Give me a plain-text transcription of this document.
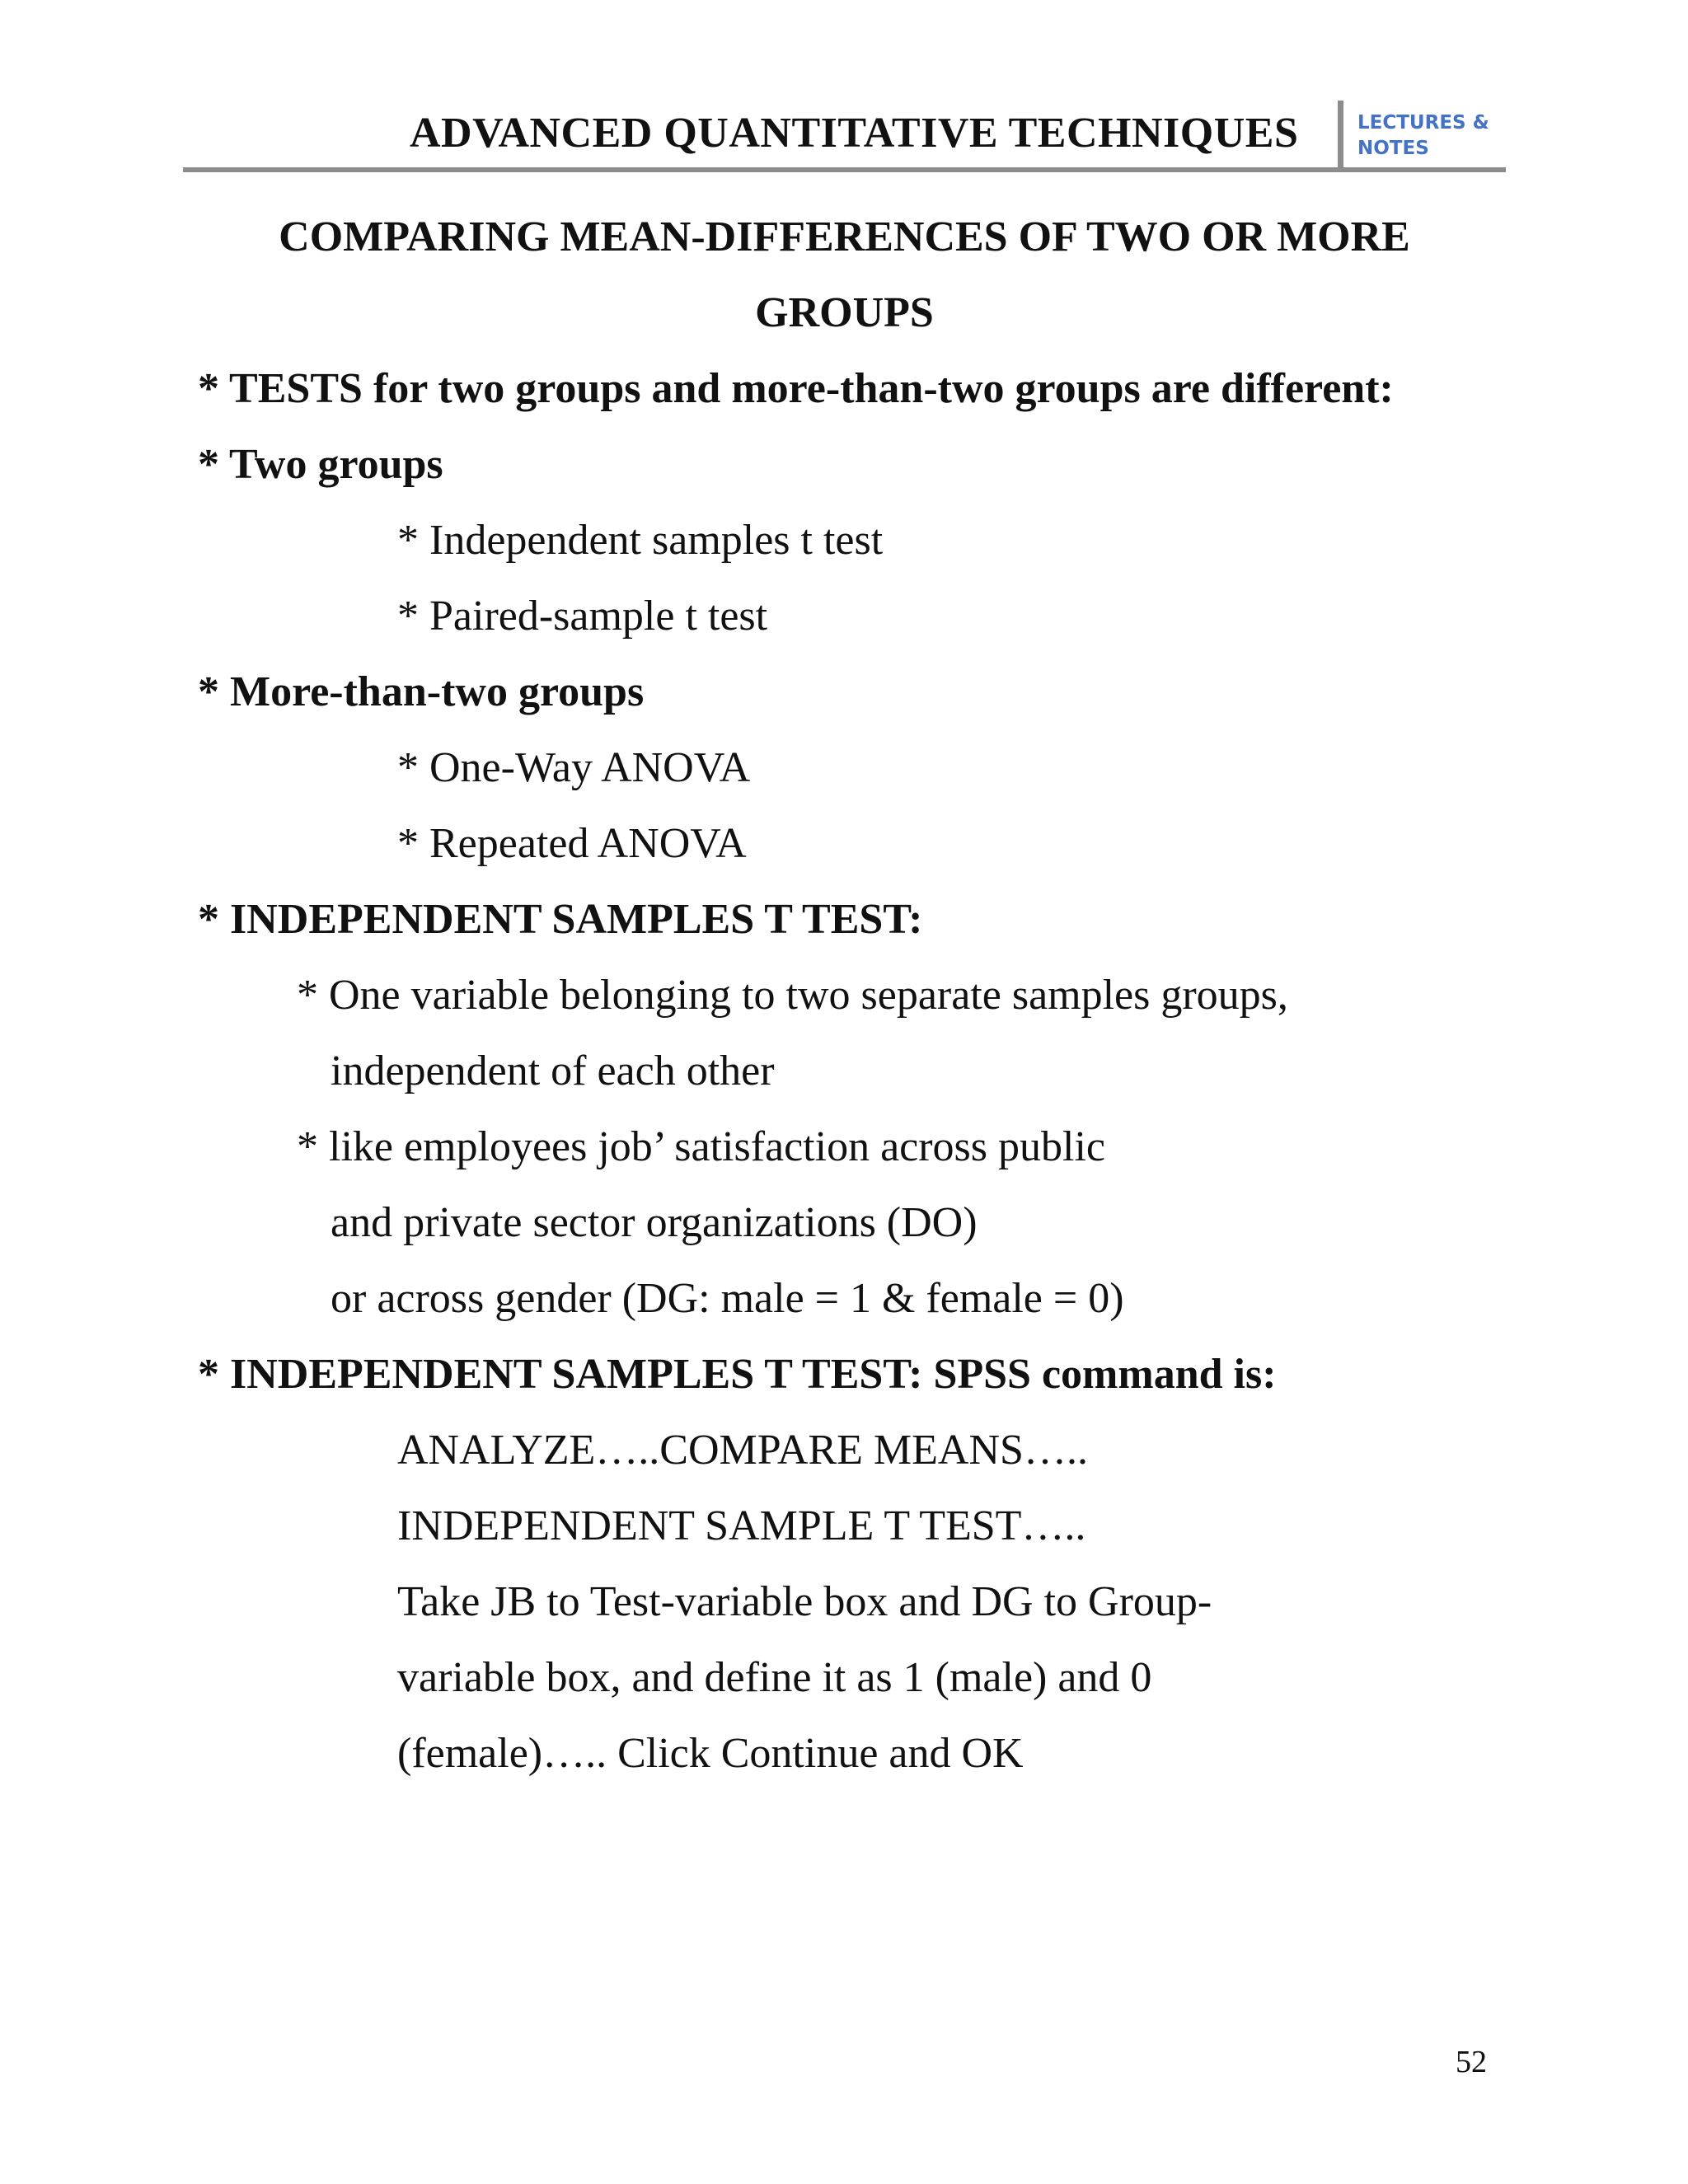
ADVANCED QUANTITATIVE TECHNIQUES	LECTURES &
NOTES
COMPARING MEAN-DIFFERENCES OF TWO OR MORE
GROUPS
* TESTS for two groups and more-than-two groups are different:
* Two groups
* Independent samples t test
* Paired-sample t test
* More-than-two groups
* One-Way ANOVA
* Repeated ANOVA
* INDEPENDENT SAMPLES T TEST:
* One variable belonging to two separate samples groups,
independent of each other
* like employees job’ satisfaction across public
and private sector organizations (DO)
or across gender (DG: male = 1 & female = 0)
* INDEPENDENT SAMPLES T TEST: SPSS command is:
ANALYZE…..COMPARE MEANS…..
INDEPENDENT SAMPLE T TEST…..
Take JB to Test-variable box and DG to Group-
variable box, and define it as 1 (male) and 0
(female)….. Click Continue and OK
52
